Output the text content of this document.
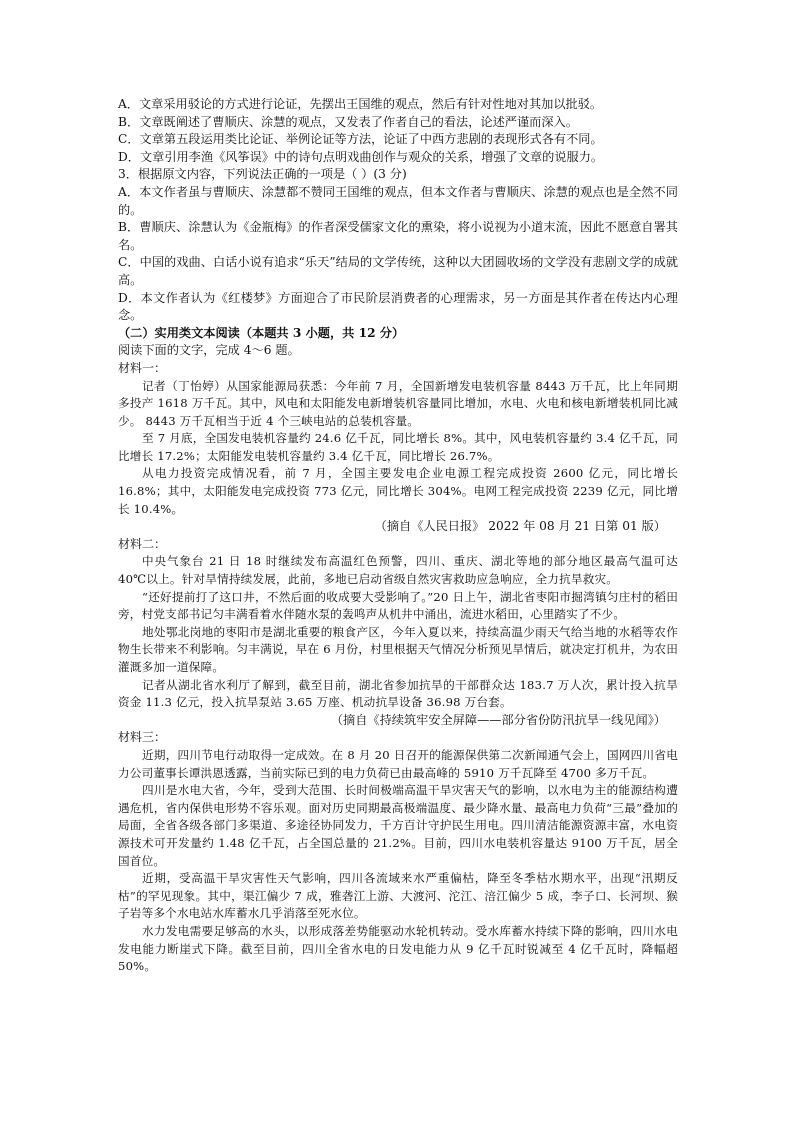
A．文章采用驳论的方式进行论证，先摆出王国维的观点，然后有针对性地对其加以批驳。

B．文章既阐述了曹顺庆、涂慧的观点，又发表了作者自己的看法，论述严谨而深入。

C．文章第五段运用类比论证、举例论证等方法，论证了中西方悲剧的表现形式各有不同。

D．文章引用李渔《风筝误》中的诗句点明戏曲创作与观众的关系，增强了文章的说服力。

3．根据原文内容，下列说法正确的一项是（ ）(3 分)

A．本文作者虽与曹顺庆、涂慧都不赞同王国维的观点，但本文作者与曹顺庆、涂慧的观点也是全然不同的。

B．曹顺庆、涂慧认为《金瓶梅》的作者深受儒家文化的熏染，将小说视为小道末流，因此不愿意自署其名。

C．中国的戏曲、白话小说有追求“乐天”结局的文学传统，这种以大团圆收场的文学没有悲剧文学的成就高。

D．本文作者认为《红楼梦》方面迎合了市民阶层消费者的心理需求，另一方面是其作者在传达内心理念。

（二）实用类文本阅读（本题共 3 小题，共 12 分）

阅读下面的文字，完成 4～6 题。

材料一：

记者（丁怡婷）从国家能源局获悉：今年前 7 月，全国新增发电装机容量 8443 万千瓦，比上年同期多投产 1618 万千瓦。其中，风电和太阳能发电新增装机容量同比增加，水电、火电和核电新增装机同比减少。 8443 万千瓦相当于近 4 个三峡电站的总装机容量。

至 7 月底，全国发电装机容量约 24.6 亿千瓦，同比增长 8%。其中，风电装机容量约 3.4 亿千瓦，同比增长 17.2%；太阳能发电装机容量约 3.4 亿千瓦，同比增长 26.7%。

从电力投资完成情况看，前 7 月，全国主要发电企业电源工程完成投资 2600 亿元，同比增长 16.8%；其中，太阳能发电完成投资 773 亿元，同比增长 304%。电网工程完成投资 2239 亿元，同比增长 10.4%。

（摘自《人民日报》 2022 年 08 月 21 日第 01 版）

材料二：

中央气象台 21 日 18 时继续发布高温红色预警，四川、重庆、湖北等地的部分地区最高气温可达 40℃以上。针对旱情持续发展，此前，多地已启动省级自然灾害救助应急响应，全力抗旱救灾。

“还好提前打了这口井，不然后面的收成要大受影响了。”20 日上午，湖北省枣阳市掘湾镇匀庄村的稻田旁，村党支部书记匀丰满看着水伴随水泵的轰鸣声从机井中涌出，流进水稻田，心里踏实了不少。

地处鄂北岗地的枣阳市是湖北重要的粮食产区，今年入夏以来，持续高温少雨天气给当地的水稻等农作物生长带来不利影响。匀丰满说，早在 6 月份，村里根据天气情况分析预见旱情后，就决定打机井，为农田灌溉多加一道保障。

记者从湖北省水利厅了解到，截至目前，湖北省参加抗旱的干部群众达 183.7 万人次，累计投入抗旱资金 11.3 亿元，投入抗旱泵站 3.65 万座、机动抗旱设备 36.98 万台套。

（摘自《持续筑牢安全屏障——部分省份防汛抗旱一线见闻》）

材料三：

近期，四川节电行动取得一定成效。在 8 月 20 日召开的能源保供第二次新闻通气会上，国网四川省电力公司董事长谭洪恩透露，当前实际已到的电力负荷已由最高峰的 5910 万千瓦降至 4700 多万千瓦。

四川是水电大省，今年，受到大范围、长时间极端高温干旱灾害天气的影响，以水电为主的能源结构遭遇危机，省内保供电形势不容乐观。面对历史同期最高极端温度、最少降水量、最高电力负荷“三最”叠加的局面，全省各级各部门多渠道、多途径协同发力，千方百计守护民生用电。四川清洁能源资源丰富，水电资源技术可开发量约 1.48 亿千瓦，占全国总量的 21.2%。目前，四川水电装机容量达 9100 万千瓦，居全国首位。

近期，受高温干旱灾害性天气影响，四川各流域来水严重偏枯，降至冬季枯水期水平，出现“汛期反枯”的罕见现象。其中，渠江偏少 7 成，雅砻江上游、大渡河、沱江、涪江偏少 5 成，李子口、长河坝、猴子岩等多个水电站水库蓄水几乎消落至死水位。

水力发电需要足够高的水头，以形成落差势能驱动水轮机转动。受水库蓄水持续下降的影响，四川水电发电能力断崖式下降。截至目前，四川全省水电的日发电能力从 9 亿千瓦时锐减至 4 亿千瓦时，降幅超 50%。
